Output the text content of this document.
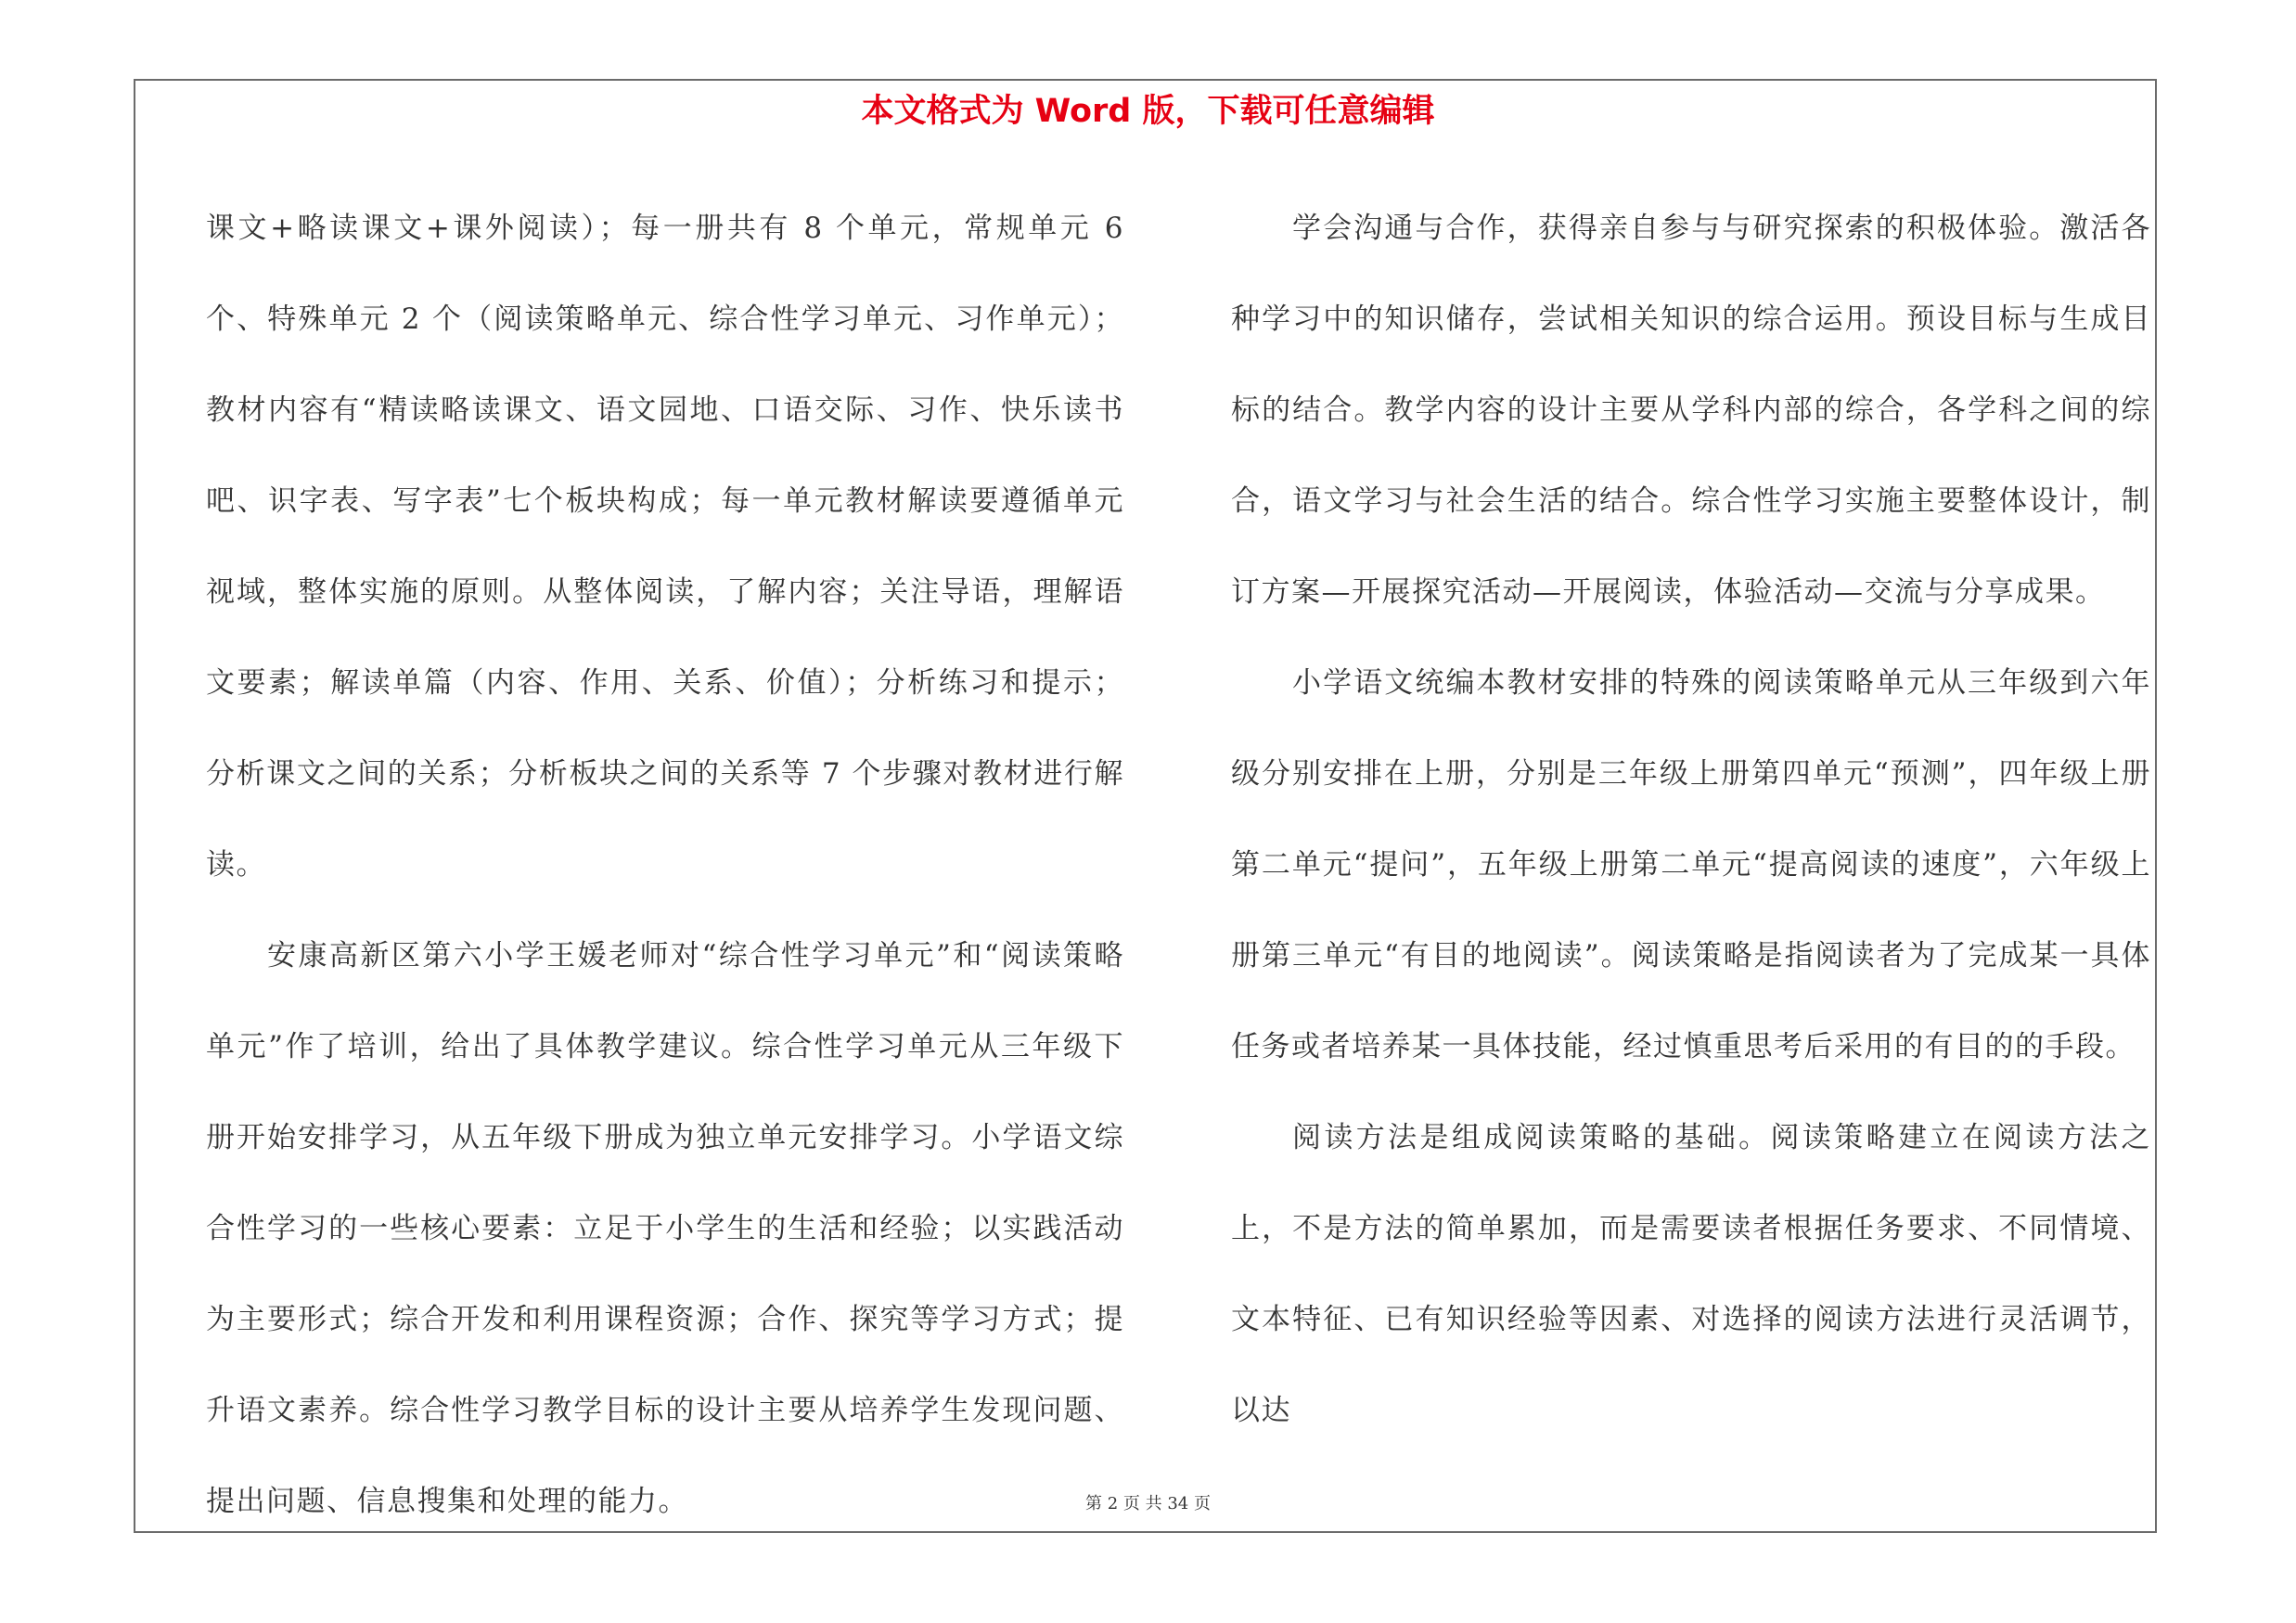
本文格式为 Word 版，下载可任意编辑

课文+略读课文+课外阅读）；每一册共有 8 个单元，常规单元 6 个、特殊单元 2 个（阅读策略单元、综合性学习单元、习作单元）；教材内容有“精读略读课文、语文园地、口语交际、习作、快乐读书吧、识字表、写字表”七个板块构成；每一单元教材解读要遵循单元视域，整体实施的原则。从整体阅读，了解内容；关注导语，理解语文要素；解读单篇（内容、作用、关系、价值）；分析练习和提示；分析课文之间的关系；分析板块之间的关系等 7 个步骤对教材进行解读。

安康高新区第六小学王媛老师对“综合性学习单元”和“阅读策略单元”作了培训，给出了具体教学建议。综合性学习单元从三年级下册开始安排学习，从五年级下册成为独立单元安排学习。小学语文综合性学习的一些核心要素：立足于小学生的生活和经验；以实践活动为主要形式；综合开发和利用课程资源；合作、探究等学习方式；提升语文素养。综合性学习教学目标的设计主要从培养学生发现问题、提出问题、信息搜集和处理的能力。

学会沟通与合作，获得亲自参与与研究探索的积极体验。激活各种学习中的知识储存，尝试相关知识的综合运用。预设目标与生成目标的结合。教学内容的设计主要从学科内部的综合，各学科之间的综合，语文学习与社会生活的结合。综合性学习实施主要整体设计，制订方案—开展探究活动—开展阅读，体验活动—交流与分享成果。

小学语文统编本教材安排的特殊的阅读策略单元从三年级到六年级分别安排在上册，分别是三年级上册第四单元“预测”，四年级上册第二单元“提问”，五年级上册第二单元“提高阅读的速度”，六年级上册第三单元“有目的地阅读”。阅读策略是指阅读者为了完成某一具体任务或者培养某一具体技能，经过慎重思考后采用的有目的的手段。

阅读方法是组成阅读策略的基础。阅读策略建立在阅读方法之上，不是方法的简单累加，而是需要读者根据任务要求、不同情境、文本特征、已有知识经验等因素、对选择的阅读方法进行灵活调节，以达

第 2 页 共 34 页
